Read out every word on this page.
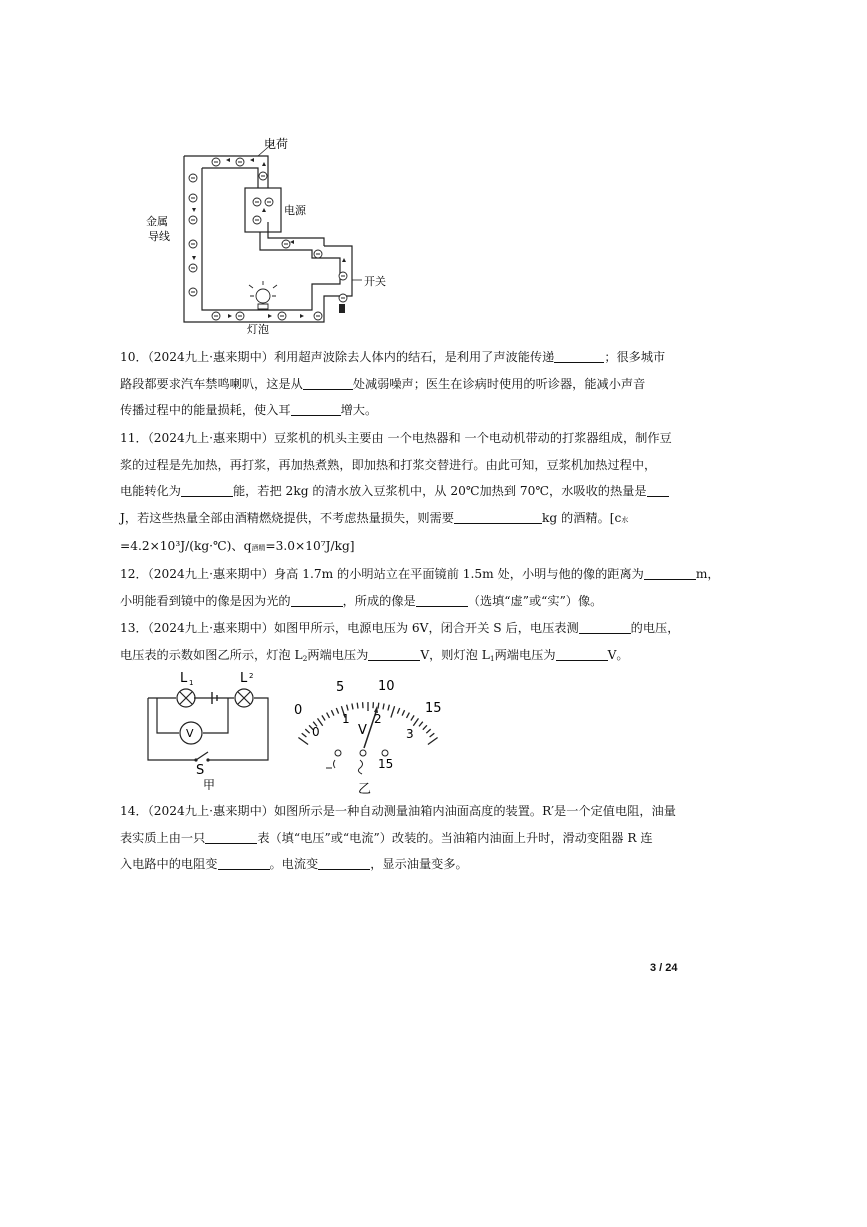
电荷
电源
金属
导线
开关
灯泡
10．（2024九上·惠来期中）利用超声波除去人体内的结石，是利用了声波能传递	；很多城市
路段都要求汽车禁鸣喇叭，这是从	处减弱噪声；医生在诊病时使用的听诊器，能减小声音
传播过程中的能量损耗，使入耳	增大。
11．（2024九上·惠来期中）豆浆机的机头主要由 一个电热器和 一个电动机带动的打浆器组成，制作豆
浆的过程是先加热，再打浆，再加热煮熟，即加热和打浆交替进行。由此可知，豆浆机加热过程中，
电能转化为	能，若把 2kg 的清水放入豆浆机中，从 20℃加热到 70℃，水吸收的热量是
J，若这些热量全部由酒精燃烧提供，不考虑热量损失，则需要	kg 的酒精。[c水
=4.2×10³J/(kg·℃)、q酒精=3.0×10⁷J/kg]
12．（2024九上·惠来期中）身高 1.7m 的小明站立在平面镜前 1.5m 处，小明与他的像的距离为	m，
小明能看到镜中的像是因为光的	，所成的像是	（选填“虚”或“实”）像。
13．（2024九上·惠来期中）如图甲所示，电源电压为 6V，闭合开关 S 后，电压表测	的电压，
电压表的示数如图乙所示，灯泡 $L_2$两端电压为	V，则灯泡 $L_1$两端电压为	V。
L 1	L 2
V
S
甲
0
5	10
15
0
1 2
3
V
15
乙
14．（2024九上·惠来期中）如图所示是一种自动测量油箱内油面高度的装置。R′是一个定值电阻，油量
表实质上由一只	表（填“电压”或“电流”）改装的。当油箱内油面上升时，滑动变阻器 R 连
入电路中的电阻变	。电流变	，显示油量变多。
3 / 24
